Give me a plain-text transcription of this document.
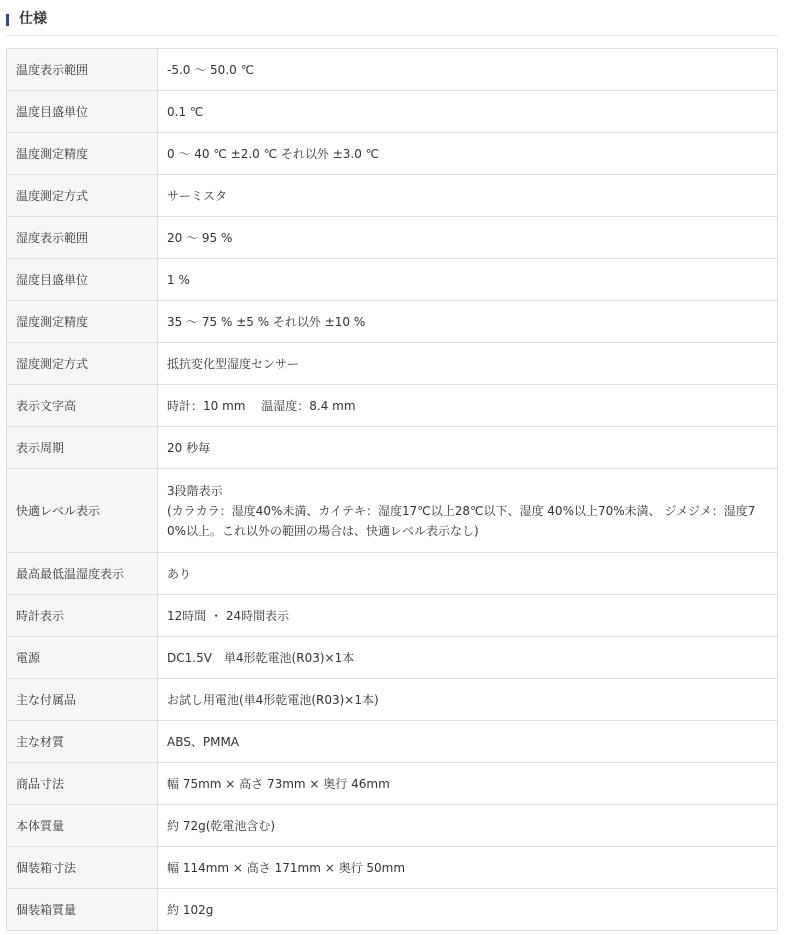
仕様
温度表示範囲	-5.0 ～ 50.0 ℃
温度目盛単位	0.1 ℃
温度測定精度	0 ～ 40 ℃ ±2.0 ℃ それ以外 ±3.0 ℃
温度測定方式	サーミスタ
湿度表示範囲	20 ～ 95 %
湿度目盛単位	1 %
湿度測定精度	35 ～ 75 % ±5 % それ以外 ±10 %
湿度測定方式	抵抗変化型湿度センサー
表示文字高	時計：10 mm　 温湿度：8.4 mm
表示周期	20 秒毎
快適レベル表示	3段階表示
(カラカラ：湿度40%未満、カイテキ：湿度17℃以上28℃以下、湿度 40%以上70%未満、 ジメジメ：湿度70%以上。これ以外の範囲の場合は、快適レベル表示なし)

最高最低温湿度表示	あり
時計表示	12時間 ・ 24時間表示
電源	DC1.5V　単4形乾電池(R03)×1本
主な付属品	お試し用電池(単4形乾電池(R03)×1本)
主な材質	ABS、PMMA
商品寸法	幅 75mm × 高さ 73mm × 奥行 46mm
本体質量	約 72g(乾電池含む)
個装箱寸法	幅 114mm × 高さ 171mm × 奥行 50mm
個装箱質量	約 102g
